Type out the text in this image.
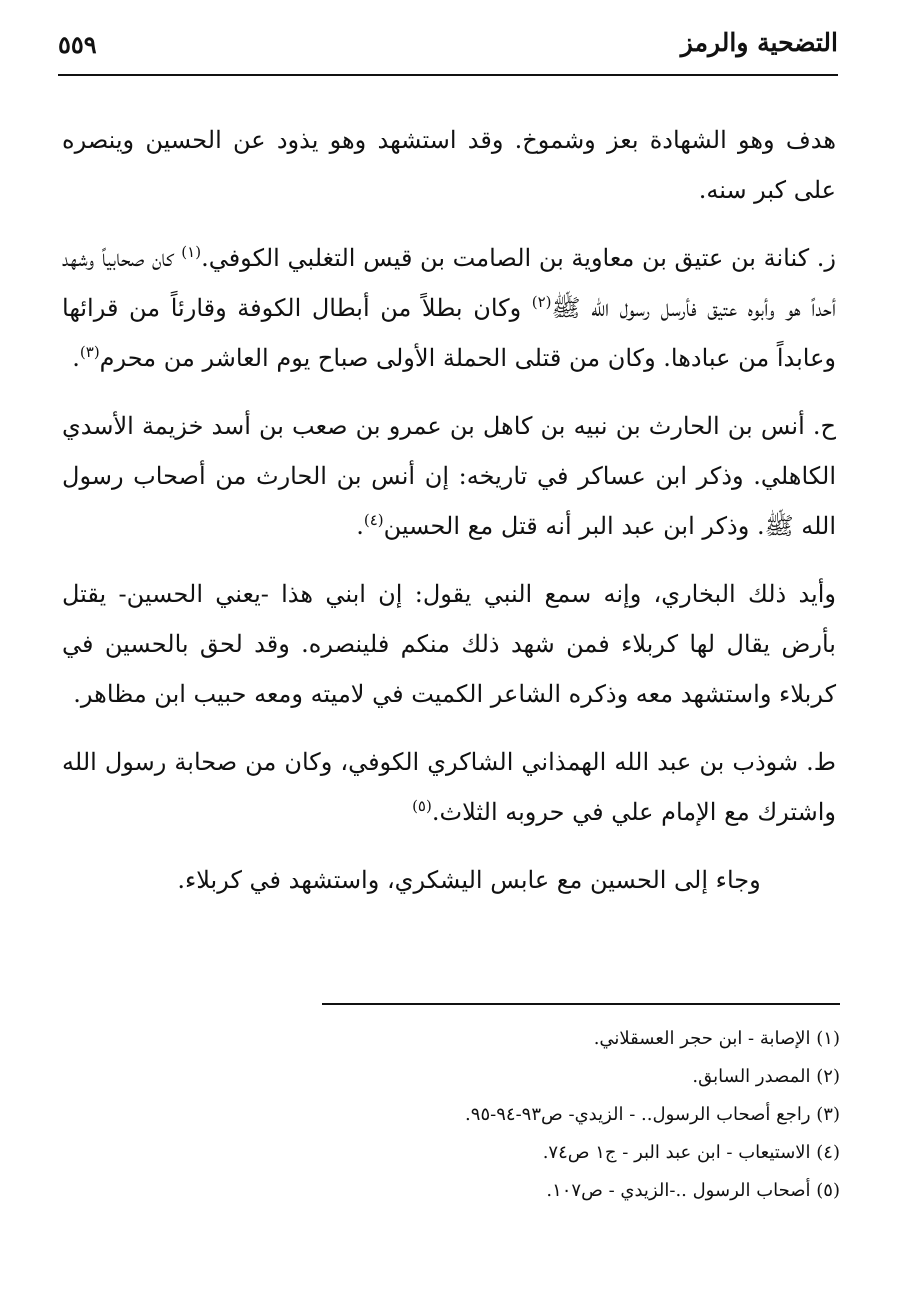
التضحية والرمز
٥٥٩

هدف وهو الشهادة بعز وشموخ. وقد استشهد وهو يذود عن الحسين وينصره على كبر سنه.

ز. كنانة بن عتيق بن معاوية بن الصامت بن قيس التغلبي الكوفي.$^{(١)}$ كان صحابياً وشهد أحداً هو وأبوه عتيق فأرسل رسول الله ﷺ$^{(٢)}$ وكان بطلاً من أبطال الكوفة وقارئاً من قرائها وعابداً من عبادها. وكان من قتلى الحملة الأولى صباح يوم العاشر من محرم$^{(٣)}$.

ح. أنس بن الحارث بن نبيه بن كاهل بن عمرو بن صعب بن أسد خزيمة الأسدي الكاهلي. وذكر ابن عساكر في تاريخه: إن أنس بن الحارث من أصحاب رسول الله ﷺ. وذكر ابن عبد البر أنه قتل مع الحسين$^{(٤)}$.

وأيد ذلك البخاري، وإنه سمع النبي يقول: إن ابني هذا -يعني الحسين- يقتل بأرض يقال لها كربلاء فمن شهد ذلك منكم فلينصره. وقد لحق بالحسين في كربلاء واستشهد معه وذكره الشاعر الكميت في لاميته ومعه حبيب ابن مظاهر.

ط. شوذب بن عبد الله الهمذاني الشاكري الكوفي، وكان من صحابة رسول الله واشترك مع الإمام علي في حروبه الثلاث.$^{(٥)}$

وجاء إلى الحسين مع عابس اليشكري، واستشهد في كربلاء.

(١) الإصابة - ابن حجر العسقلاني.

(٢) المصدر السابق.

(٣) راجع أصحاب الرسول.. - الزيدي- ص٩٣-٩٤-٩٥.

(٤) الاستيعاب - ابن عبد البر - ج١ ص٧٤.

(٥) أصحاب الرسول ..-الزيدي - ص١٠٧.
